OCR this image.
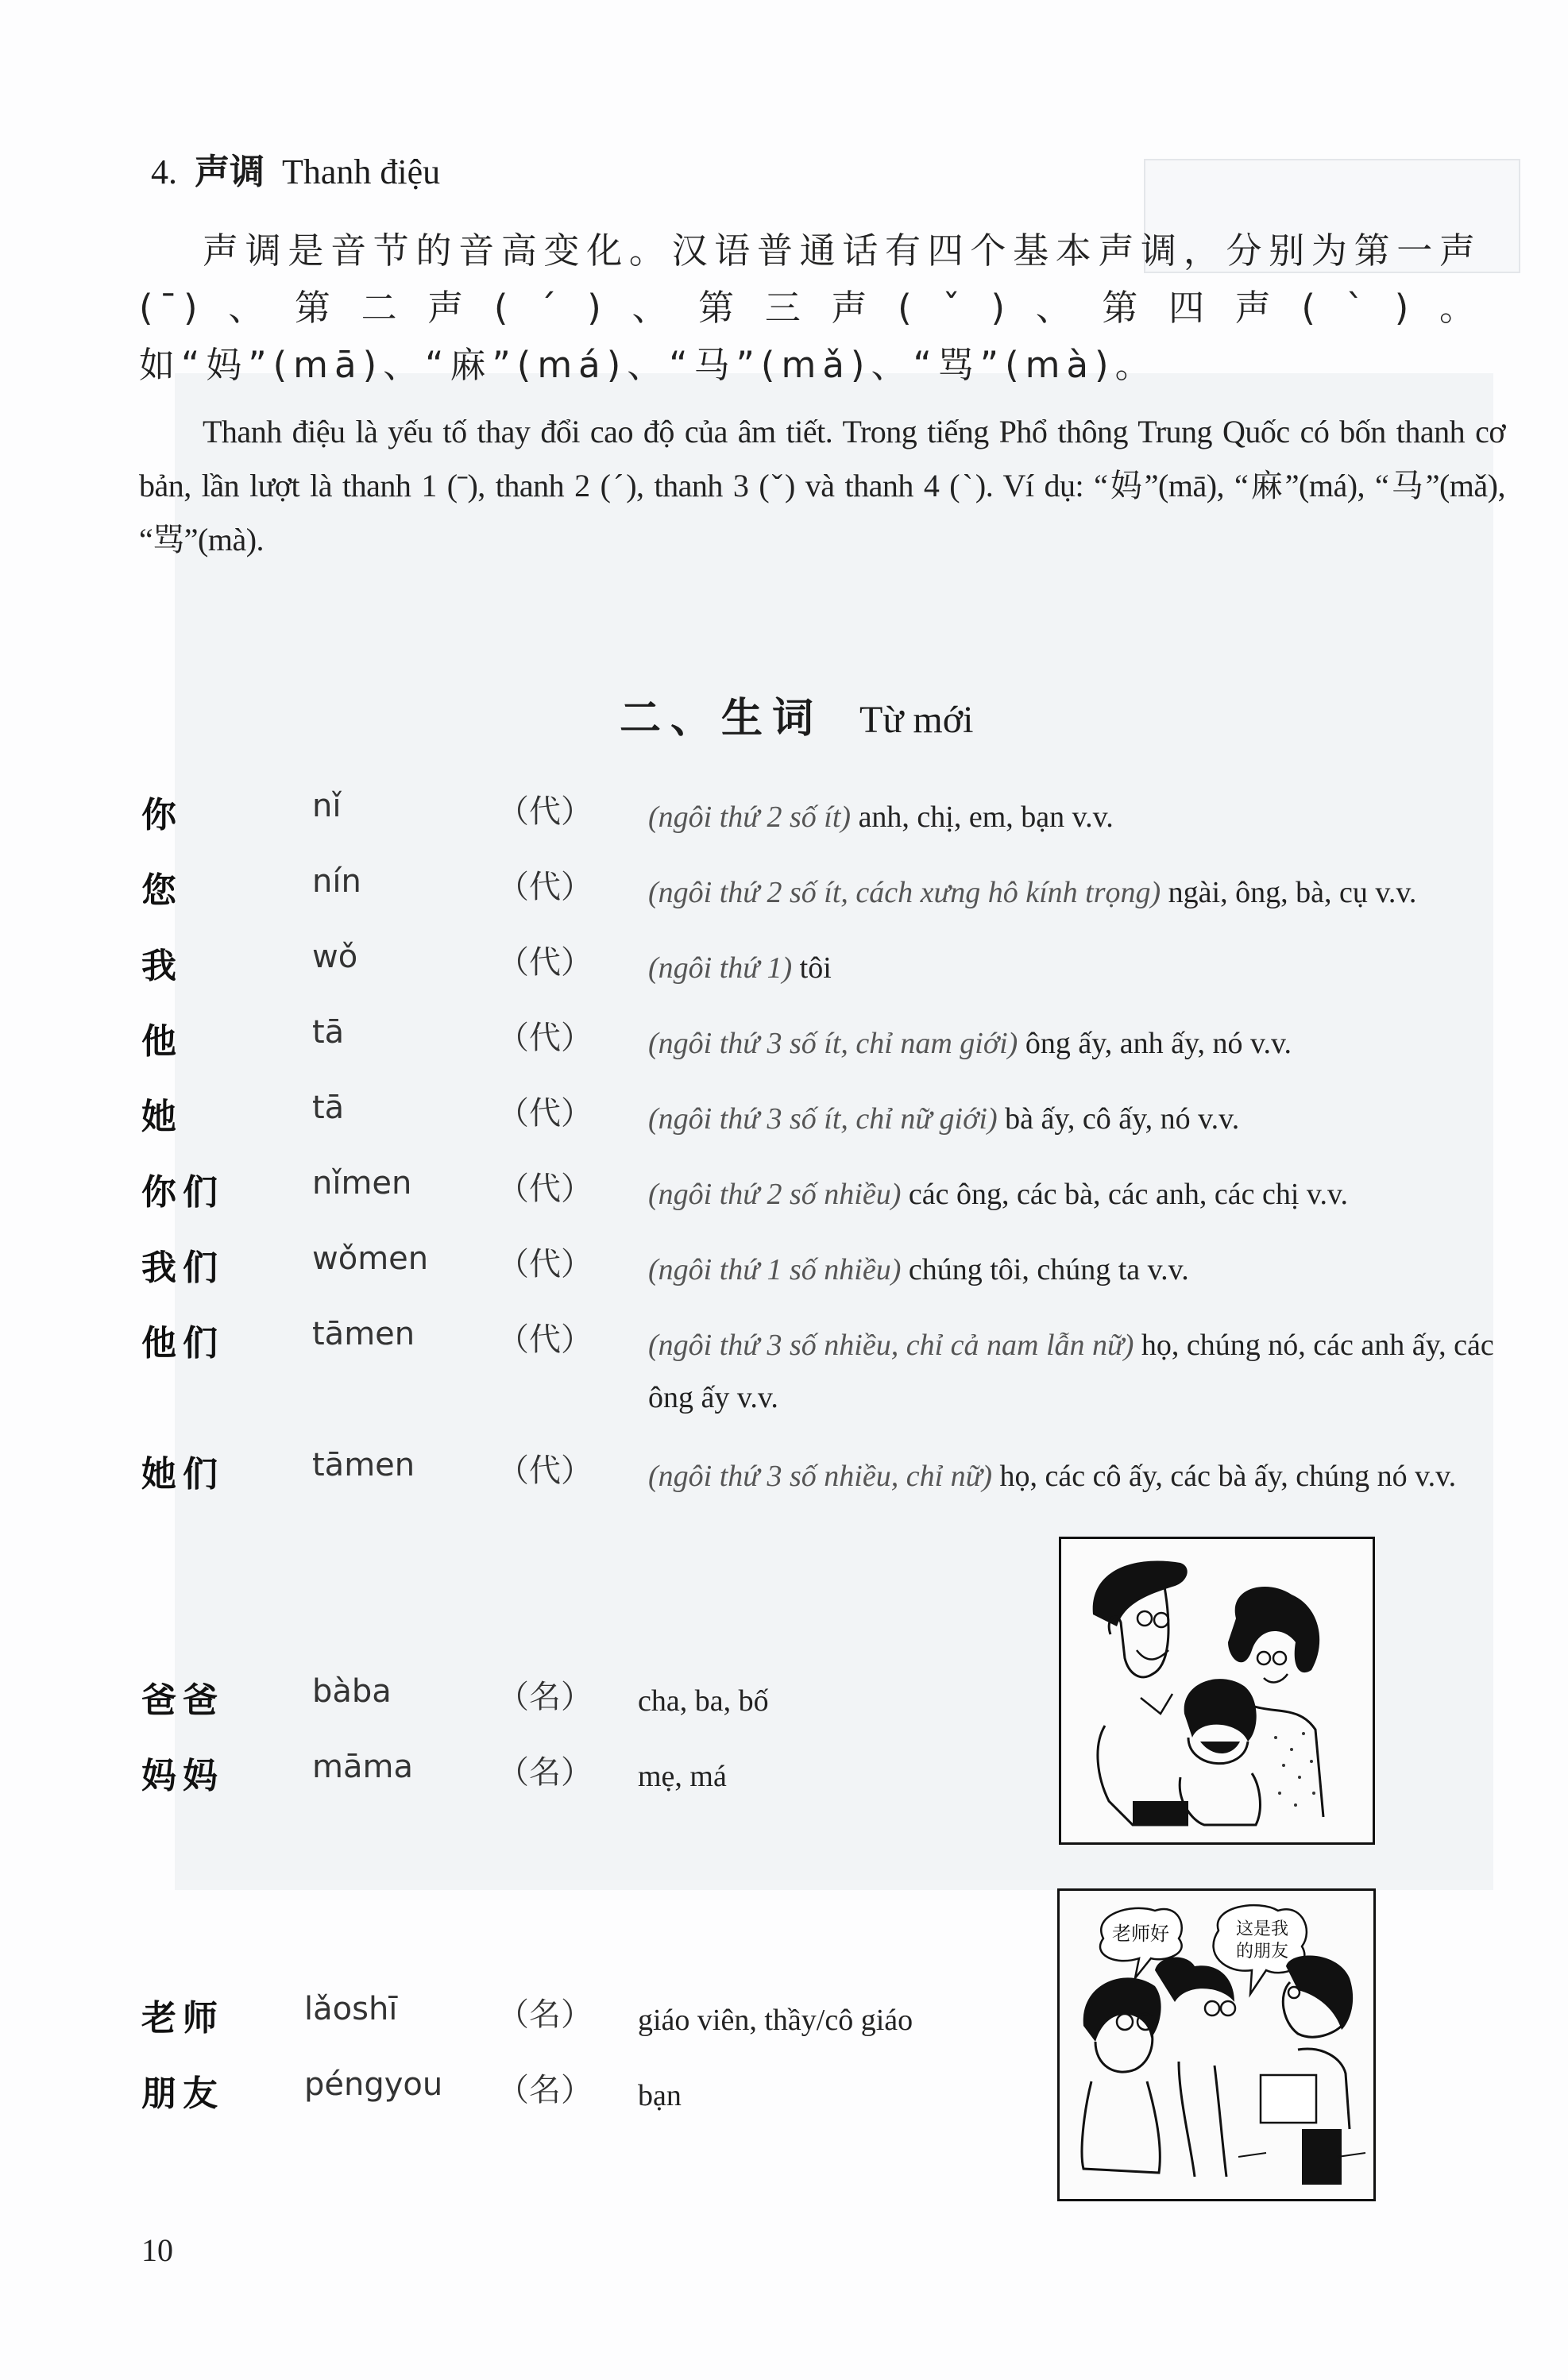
4. 声调 Thanh điệu
声调是音节的音高变化。汉语普通话有四个基本声调，分别为第一声(ˉ)、第二声(ˊ)、第三声(ˇ)、第四声(ˋ)。如“妈”(mā)、“麻”(má)、“马”(mǎ)、“骂”(mà)。
Thanh điệu là yếu tố thay đổi cao độ của âm tiết. Trong tiếng Phổ thông Trung Quốc có bốn thanh cơ bản, lần lượt là thanh 1 (ˉ), thanh 2 (ˊ), thanh 3 (ˇ) và thanh 4 (ˋ). Ví dụ: “妈”(mā), “麻”(má), “马”(mǎ), “骂”(mà).
二、生词 Từ mới
你	nǐ	（代） (ngôi thứ 2 số ít) anh, chị, em, bạn v.v.
您	nín	（代） (ngôi thứ 2 số ít, cách xưng hô kính trọng) ngài, ông, bà, cụ v.v.
我	wǒ	（代） (ngôi thứ 1) tôi
他	tā	（代） (ngôi thứ 3 số ít, chỉ nam giới) ông ấy, anh ấy, nó v.v.
她	tā	（代） (ngôi thứ 3 số ít, chỉ nữ giới) bà ấy, cô ấy, nó v.v.
你们	nǐmen	（代） (ngôi thứ 2 số nhiều) các ông, các bà, các anh, các chị v.v.
我们	wǒmen （代） (ngôi thứ 1 số nhiều) chúng tôi, chúng ta v.v.
他们	tāmen	（代） (ngôi thứ 3 số nhiều, chỉ cả nam lẫn nữ) họ, chúng nó, các anh ấy, các ông ấy v.v.
她们	tāmen	（代） (ngôi thứ 3 số nhiều, chỉ nữ) họ, các cô ấy, các bà ấy, chúng nó v.v.
爸爸	bàba	（名） cha, ba, bố
妈妈	māma	（名） mẹ, má
老师	lǎoshī	（名） giáo viên, thầy/cô giáo
朋友	péngyou （名） bạn
老师好	这是我
的朋友
10
